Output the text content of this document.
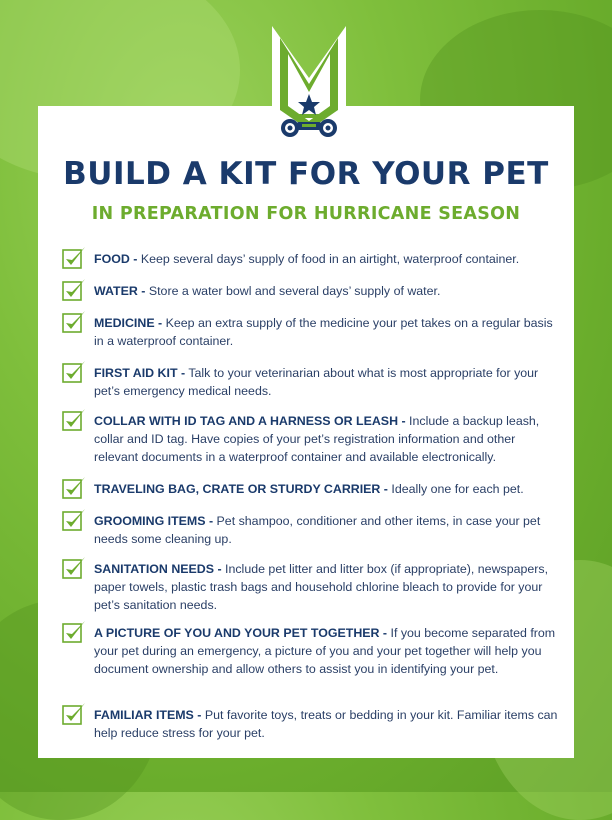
BUILD A KIT FOR YOUR PET
IN PREPARATION FOR HURRICANE SEASON
FOOD - Keep several days’ supply of food in an airtight, waterproof container.
WATER - Store a water bowl and several days’ supply of water.
MEDICINE - Keep an extra supply of the medicine your pet takes on a regular basis in a waterproof container.
FIRST AID KIT - Talk to your veterinarian about what is most appropriate for your pet’s emergency medical needs.
COLLAR WITH ID TAG AND A HARNESS OR LEASH - Include a backup leash, collar and ID tag. Have copies of your pet’s registration information and other relevant documents in a waterproof container and available electronically.
TRAVELING BAG, CRATE OR STURDY CARRIER - Ideally one for each pet.
GROOMING ITEMS - Pet shampoo, conditioner and other items, in case your pet needs some cleaning up.
SANITATION NEEDS - Include pet litter and litter box (if appropriate), newspapers, paper towels, plastic trash bags and household chlorine bleach to provide for your pet’s sanitation needs.
A PICTURE OF YOU AND YOUR PET TOGETHER - If you become separated from your pet during an emergency, a picture of you and your pet together will help you document ownership and allow others to assist you in identifying your pet.
FAMILIAR ITEMS - Put favorite toys, treats or bedding in your kit. Familiar items can help reduce stress for your pet.
